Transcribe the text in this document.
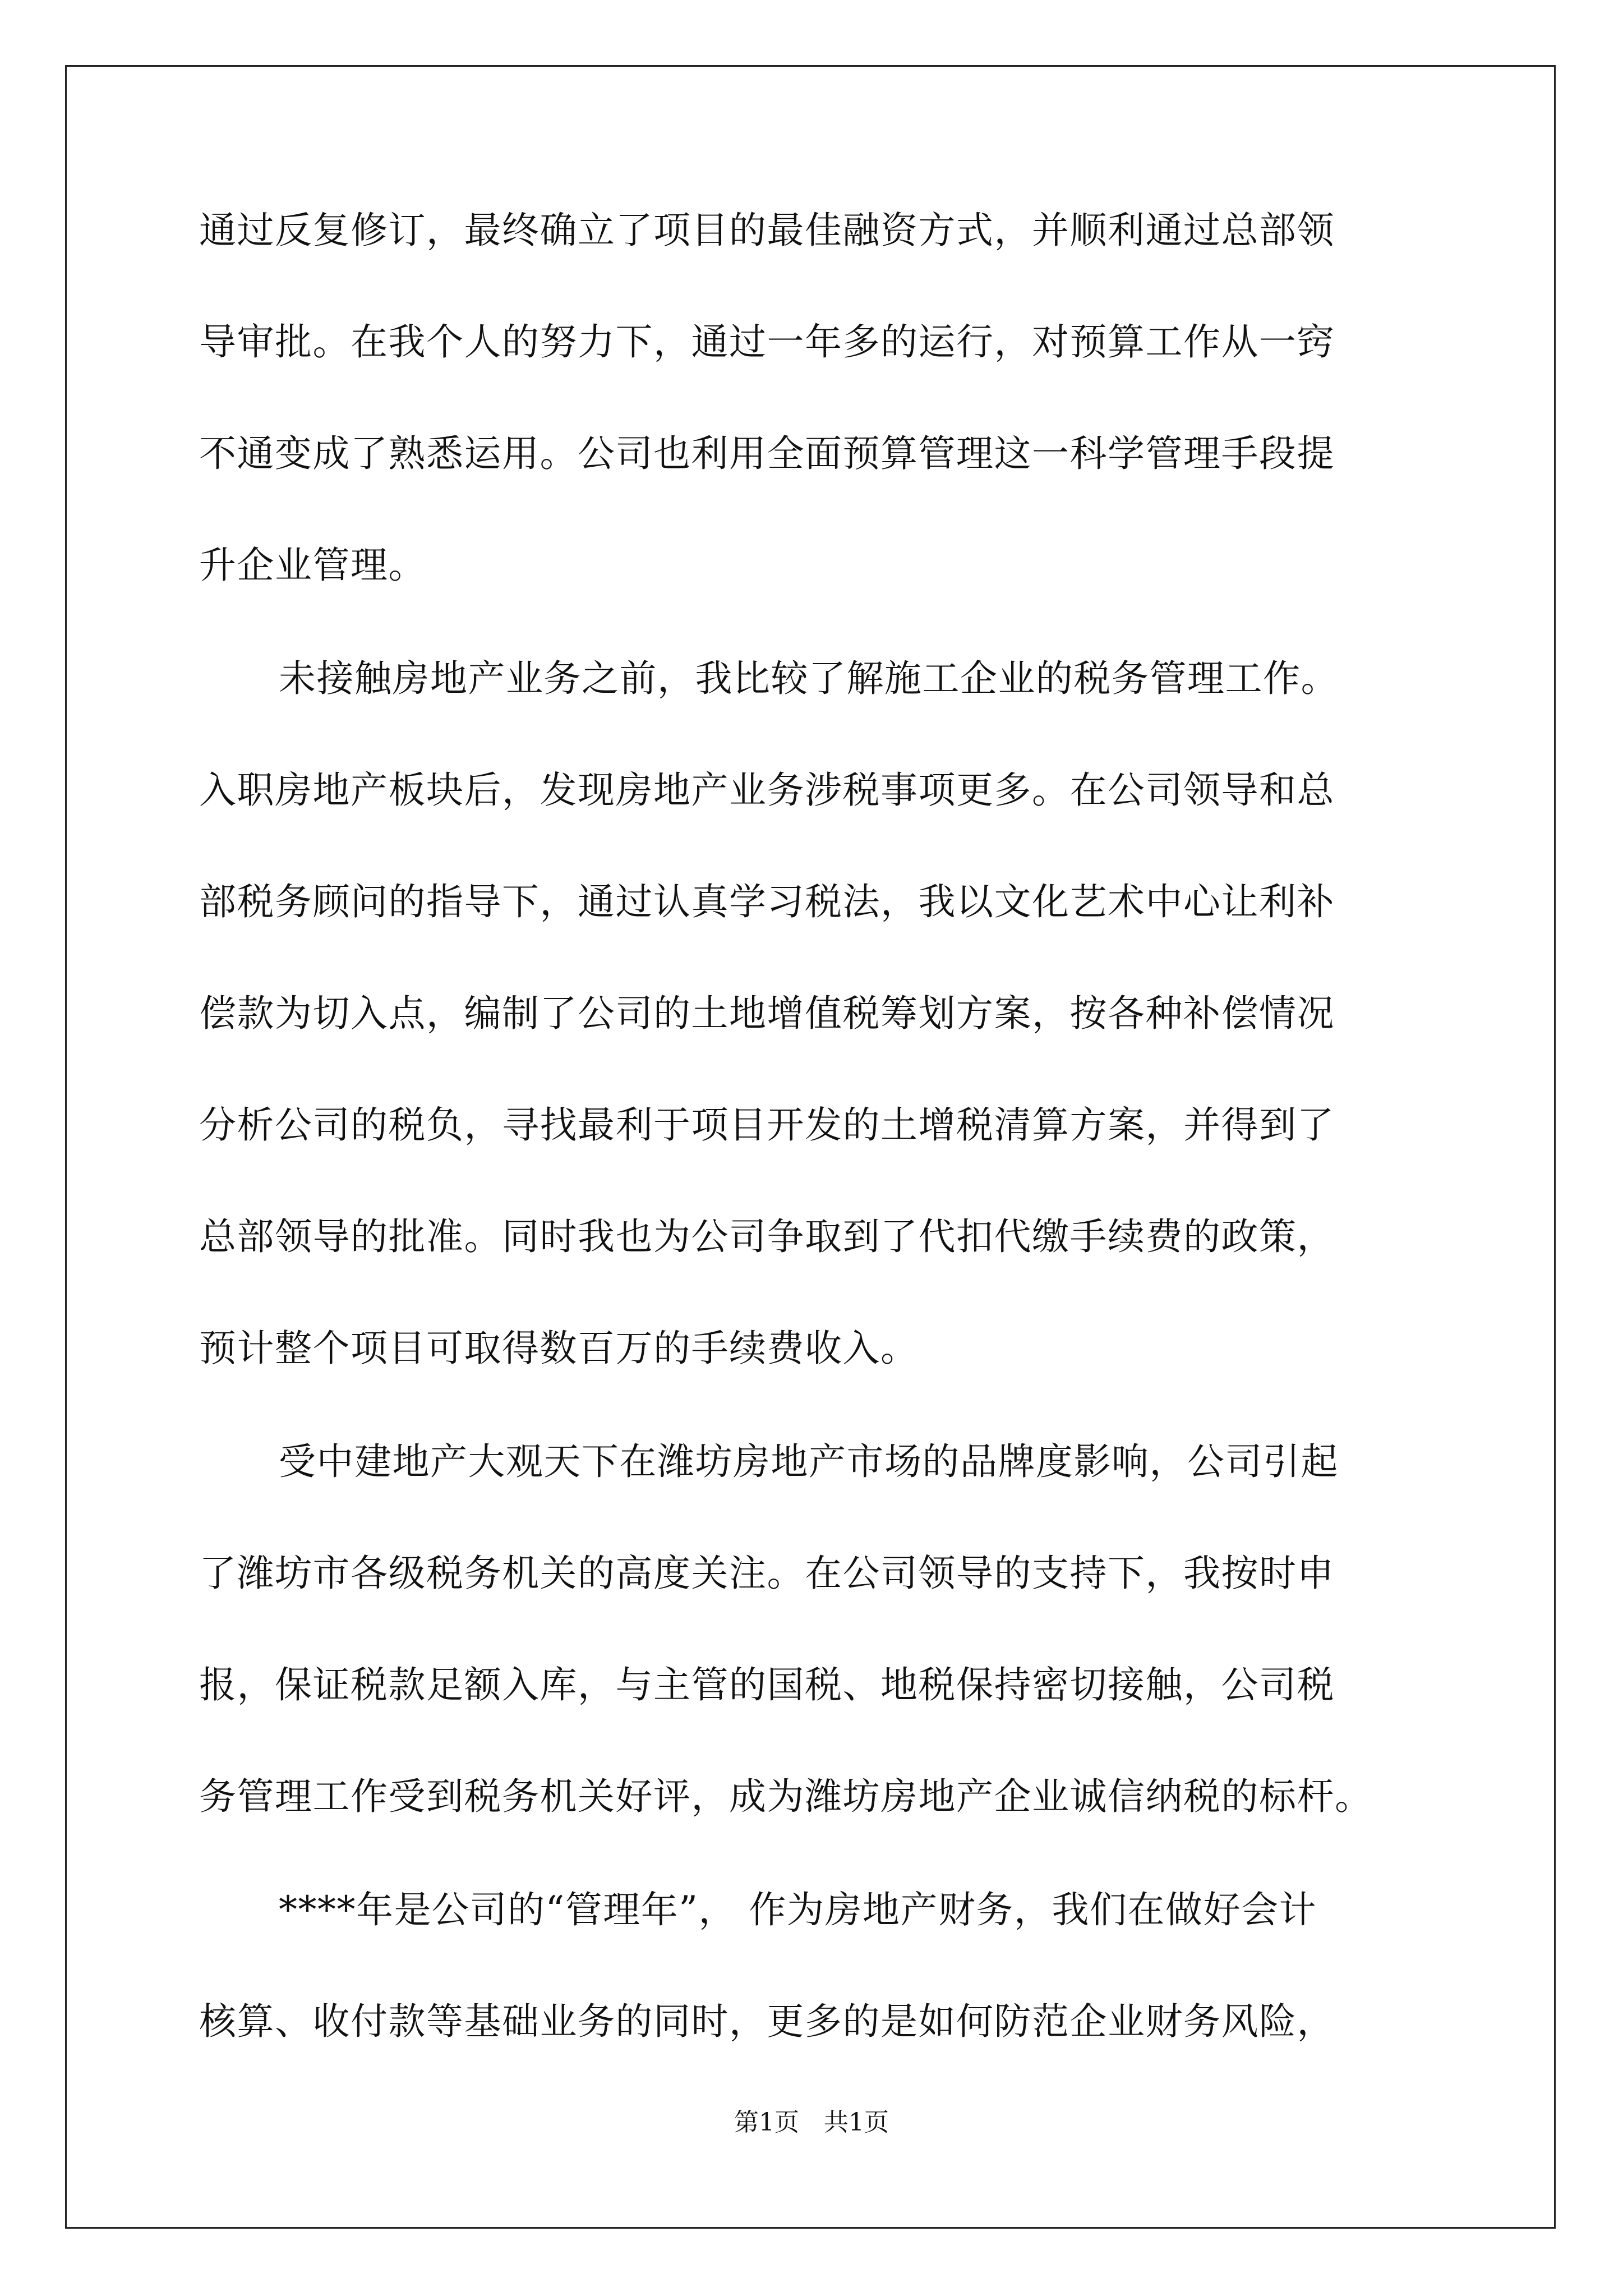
通过反复修订，最终确立了项目的最佳融资方式，并顺利通过总部领
导审批。在我个人的努力下，通过一年多的运行，对预算工作从一窍
不通变成了熟悉运用。公司也利用全面预算管理这一科学管理手段提
升企业管理。
未接触房地产业务之前，我比较了解施工企业的税务管理工作。
入职房地产板块后，发现房地产业务涉税事项更多。在公司领导和总
部税务顾问的指导下，通过认真学习税法，我以文化艺术中心让利补
偿款为切入点，编制了公司的土地增值税筹划方案，按各种补偿情况
分析公司的税负，寻找最利于项目开发的土增税清算方案，并得到了
总部领导的批准。同时我也为公司争取到了代扣代缴手续费的政策，
预计整个项目可取得数百万的手续费收入。
受中建地产大观天下在潍坊房地产市场的品牌度影响，公司引起
了潍坊市各级税务机关的高度关注。在公司领导的支持下，我按时申
报，保证税款足额入库，与主管的国税、地税保持密切接触，公司税
务管理工作受到税务机关好评，成为潍坊房地产企业诚信纳税的标杆。
****年是公司的“管理年”， 作为房地产财务，我们在做好会计
核算、收付款等基础业务的同时，更多的是如何防范企业财务风险，
第1页　共1页
